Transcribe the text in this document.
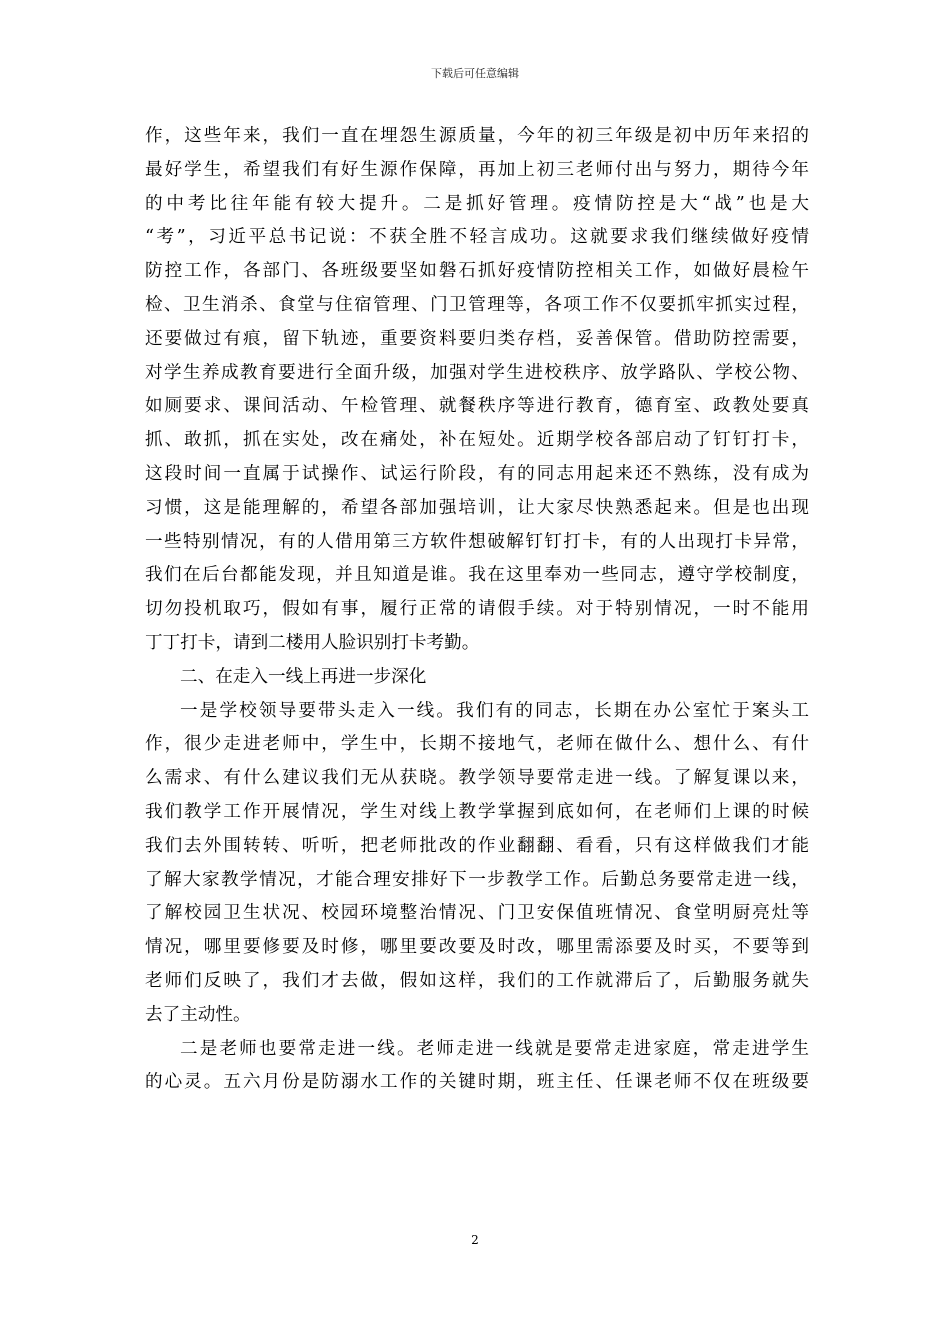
下载后可任意编辑
作，这些年来，我们一直在埋怨生源质量，今年的初三年级是初中历年来招的
最好学生，希望我们有好生源作保障，再加上初三老师付出与努力，期待今年
的中考比往年能有较大提升。二是抓好管理。疫情防控是大“战”也是大
“考”，习近平总书记说：不获全胜不轻言成功。这就要求我们继续做好疫情
防控工作，各部门、各班级要坚如磐石抓好疫情防控相关工作，如做好晨检午
检、卫生消杀、食堂与住宿管理、门卫管理等，各项工作不仅要抓牢抓实过程，
还要做过有痕，留下轨迹，重要资料要归类存档，妥善保管。借助防控需要，
对学生养成教育要进行全面升级，加强对学生进校秩序、放学路队、学校公物、
如厕要求、课间活动、午检管理、就餐秩序等进行教育，德育室、政教处要真
抓、敢抓，抓在实处，改在痛处，补在短处。近期学校各部启动了钉钉打卡，
这段时间一直属于试操作、试运行阶段，有的同志用起来还不熟练，没有成为
习惯，这是能理解的，希望各部加强培训，让大家尽快熟悉起来。但是也出现
一些特别情况，有的人借用第三方软件想破解钉钉打卡，有的人出现打卡异常，
我们在后台都能发现，并且知道是谁。我在这里奉劝一些同志，遵守学校制度，
切勿投机取巧，假如有事，履行正常的请假手续。对于特别情况，一时不能用
丁丁打卡，请到二楼用人脸识别打卡考勤。
二、在走入一线上再进一步深化
一是学校领导要带头走入一线。我们有的同志，长期在办公室忙于案头工
作，很少走进老师中，学生中，长期不接地气，老师在做什么、想什么、有什
么需求、有什么建议我们无从获晓。教学领导要常走进一线。了解复课以来，
我们教学工作开展情况，学生对线上教学掌握到底如何，在老师们上课的时候
我们去外围转转、听听，把老师批改的作业翻翻、看看，只有这样做我们才能
了解大家教学情况，才能合理安排好下一步教学工作。后勤总务要常走进一线，
了解校园卫生状况、校园环境整治情况、门卫安保值班情况、食堂明厨亮灶等
情况，哪里要修要及时修，哪里要改要及时改，哪里需添要及时买，不要等到
老师们反映了，我们才去做，假如这样，我们的工作就滞后了，后勤服务就失
去了主动性。
二是老师也要常走进一线。老师走进一线就是要常走进家庭，常走进学生
的心灵。五六月份是防溺水工作的关键时期，班主任、任课老师不仅在班级要
2
